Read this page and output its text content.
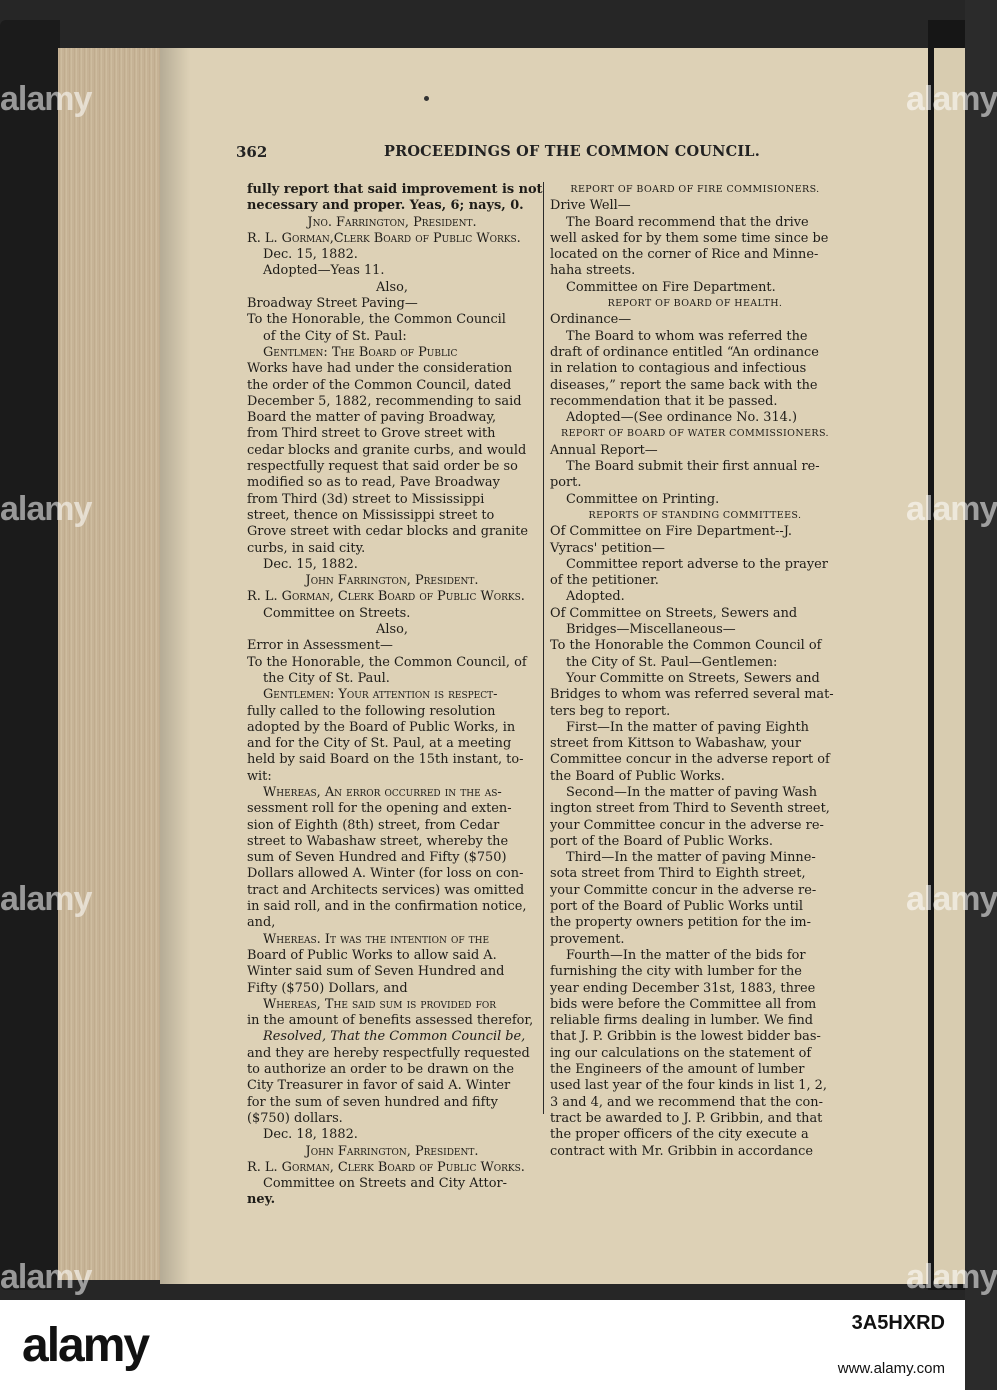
362	PROCEEDINGS OF THE COMMON COUNCIL.
fully report that said improvement is not
necessary and proper. Yeas, 6; nays, 0.
Jno. Farrington, President.
R. L. Gorman,Clerk Board of Public Works.
Dec. 15, 1882.
Adopted—Yeas 11.
Also,
Broadway Street Paving—
To the Honorable, the Common Council
of the City of St. Paul:
Gentlmen: The Board of Public
Works have had under the consideration
the order of the Common Council, dated
December 5, 1882, recommending to said
Board the matter of paving Broadway,
from Third street to Grove street with
cedar blocks and granite curbs, and would
respectfully request that said order be so
modified so as to read, Pave Broadway
from Third (3d) street to Mississippi
street, thence on Mississippi street to
Grove street with cedar blocks and granite
curbs, in said city.
Dec. 15, 1882.
John Farrington, President.
R. L. Gorman, Clerk Board of Public Works.
Committee on Streets.
Also,
Error in Assessment—
To the Honorable, the Common Council, of
the City of St. Paul.
Gentlemen: Your attention is respect-
fully called to the following resolution
adopted by the Board of Public Works, in
and for the City of St. Paul, at a meeting
held by said Board on the 15th instant, to-
wit:
Whereas, An error occurred in the as-
sessment roll for the opening and exten-
sion of Eighth (8th) street, from Cedar
street to Wabashaw street, whereby the
sum of Seven Hundred and Fifty ($750)
Dollars allowed A. Winter (for loss on con-
tract and Architects services) was omitted
in said roll, and in the confirmation notice,
and,
Whereas. It was the intention of the
Board of Public Works to allow said A.
Winter said sum of Seven Hundred and
Fifty ($750) Dollars, and
Whereas, The said sum is provided for
in the amount of benefits assessed therefor,
Resolved, That the Common Council be,
and they are hereby respectfully requested
to authorize an order to be drawn on the
City Treasurer in favor of said A. Winter
for the sum of seven hundred and fifty
($750) dollars.
Dec. 18, 1882.
John Farrington, President.
R. L. Gorman, Clerk Board of Public Works.
Committee on Streets and City Attor-
ney.
REPORT OF BOARD OF FIRE COMMISIONERS.
Drive Well—
The Board recommend that the drive
well asked for by them some time since be
located on the corner of Rice and Minne-
haha streets.
Committee on Fire Department.
REPORT OF BOARD OF HEALTH.
Ordinance—
The Board to whom was referred the
draft of ordinance entitled “An ordinance
in relation to contagious and infectious
diseases,” report the same back with the
recommendation that it be passed.
Adopted—(See ordinance No. 314.)
REPORT OF BOARD OF WATER COMMISSIONERS.
Annual Report—
The Board submit their first annual re-
port.
Committee on Printing.
REPORTS OF STANDING COMMITTEES.
Of Committee on Fire Department--J.
Vyracs' petition—
Committee report adverse to the prayer
of the petitioner.
Adopted.
Of Committee on Streets, Sewers and
Bridges—Miscellaneous—
To the Honorable the Common Council of
the City of St. Paul—Gentlemen:
Your Committe on Streets, Sewers and
Bridges to whom was referred several mat-
ters beg to report.
First—In the matter of paving Eighth
street from Kittson to Wabashaw, your
Committee concur in the adverse report of
the Board of Public Works.
Second—In the matter of paving Wash
ington street from Third to Seventh street,
your Committee concur in the adverse re-
port of the Board of Public Works.
Third—In the matter of paving Minne-
sota street from Third to Eighth street,
your Committe concur in the adverse re-
port of the Board of Public Works until
the property owners petition for the im-
provement.
Fourth—In the matter of the bids for
furnishing the city with lumber for the
year ending December 31st, 1883, three
bids were before the Committee all from
reliable firms dealing in lumber. We find
that J. P. Gribbin is the lowest bidder bas-
ing our calculations on the statement of
the Engineers of the amount of lumber
used last year of the four kinds in list 1, 2,
3 and 4, and we recommend that the con-
tract be awarded to J. P. Gribbin, and that
the proper officers of the city execute a
contract with Mr. Gribbin in accordance
alamy	alamy
alamy	alamy
alamy	alamy
alamy	alamy
alamy	3A5HXRD
www.alamy.com
